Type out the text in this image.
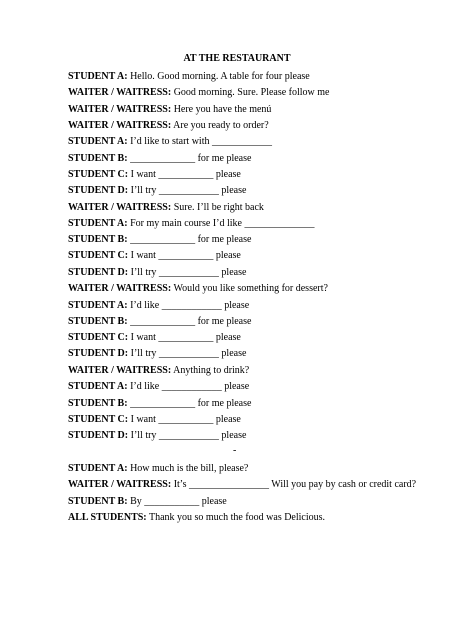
AT THE RESTAURANT
STUDENT A: Hello. Good morning. A table for four please
WAITER / WAITRESS: Good morning. Sure. Please follow me
WAITER / WAITRESS: Here you have the menú
WAITER / WAITRESS: Are you ready to order?
STUDENT A: I’d like to start with ____________
STUDENT B: _____________ for me please
STUDENT C: I want ___________ please
STUDENT D: I’ll try ____________ please
WAITER / WAITRESS: Sure. I’ll be right back
STUDENT A: For my main course I’d like ______________
STUDENT B: _____________ for me please
STUDENT C: I want ___________ please
STUDENT D: I’ll try ____________ please
WAITER / WAITRESS: Would you like something for dessert?
STUDENT A: I’d like ____________ please
STUDENT B: _____________ for me please
STUDENT C: I want ___________ please
STUDENT D: I’ll try ____________ please
WAITER / WAITRESS: Anything to drink?
STUDENT A: I’d like ____________ please
STUDENT B: _____________ for me please
STUDENT C: I want ___________ please
STUDENT D: I’ll try ____________ please
-
STUDENT A: How much is the bill, please?
WAITER / WAITRESS: It’s ________________ Will you pay by cash or credit card?
STUDENT B: By ___________ please
ALL STUDENTS: Thank you so much the food was Delicious.
